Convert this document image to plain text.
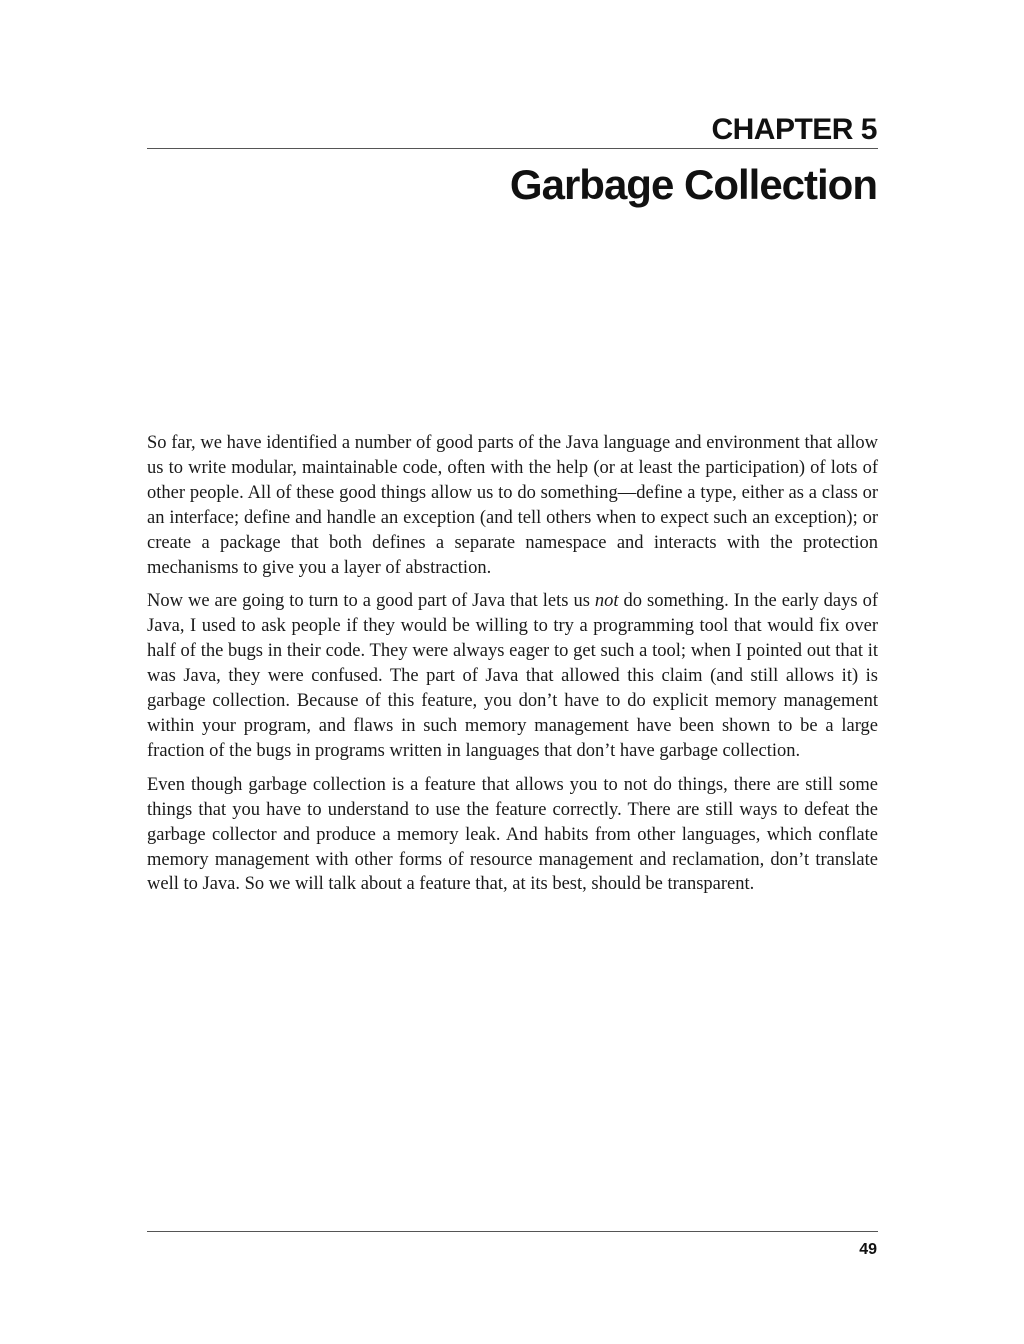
CHAPTER 5
Garbage Collection

So far, we have identified a number of good parts of the Java language and environment that allow us to write modular, maintainable code, often with the help (or at least the participation) of lots of other people. All of these good things allow us to do something—define a type, either as a class or an interface; define and handle an exception (and tell others when to expect such an exception); or create a package that both defines a separate namespace and interacts with the protection mechanisms to give you a layer of abstraction.

Now we are going to turn to a good part of Java that lets us not do something. In the early days of Java, I used to ask people if they would be willing to try a programming tool that would fix over half of the bugs in their code. They were always eager to get such a tool; when I pointed out that it was Java, they were confused. The part of Java that allowed this claim (and still allows it) is garbage collection. Because of this feature, you don’t have to do explicit memory management within your program, and flaws in such memory management have been shown to be a large fraction of the bugs in programs written in languages that don’t have garbage collection.

Even though garbage collection is a feature that allows you to not do things, there are still some things that you have to understand to use the feature correctly. There are still ways to defeat the garbage collector and produce a memory leak. And habits from other languages, which conflate memory management with other forms of resource management and reclamation, don’t translate well to Java. So we will talk about a feature that, at its best, should be transparent.

49
